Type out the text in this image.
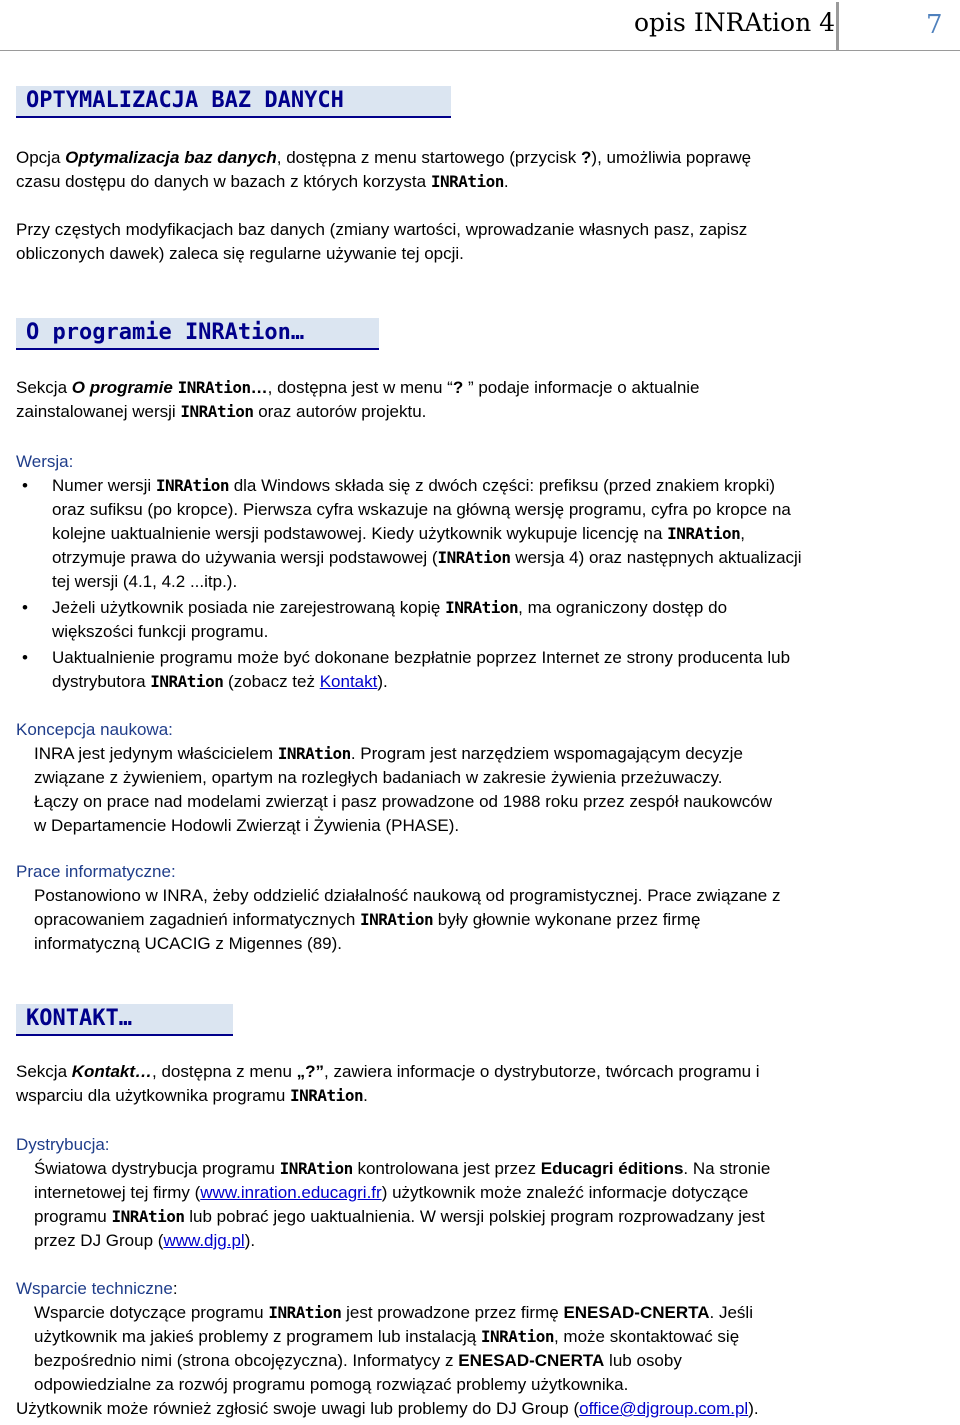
opis INRAtion 4	7
OPTYMALIZACJA BAZ DANYCH
Opcja Optymalizacja baz danych, dostępna z menu startowego (przycisk ?), umożliwia poprawę
czasu dostępu do danych w bazach z których korzysta INRAtion.
Przy częstych modyfikacjach baz danych (zmiany wartości, wprowadzanie własnych pasz, zapisz
obliczonych dawek) zaleca się regularne używanie tej opcji.
O programie INRAtion…
Sekcja O programie INRAtion…, dostępna jest w menu “? ” podaje informacje o aktualnie
zainstalowanej wersji INRAtion oraz autorów projektu.
Wersja:
• Numer wersji INRAtion dla Windows składa się z dwóch części: prefiksu (przed znakiem kropki)
oraz sufiksu (po kropce). Pierwsza cyfra wskazuje na główną wersję programu, cyfra po kropce na
kolejne uaktualnienie wersji podstawowej. Kiedy użytkownik wykupuje licencję na INRAtion,
otrzymuje prawa do używania wersji podstawowej (INRAtion wersja 4) oraz następnych aktualizacji
tej wersji (4.1, 4.2 ...itp.).
• Jeżeli użytkownik posiada nie zarejestrowaną kopię INRAtion, ma ograniczony dostęp do
większości funkcji programu.
• Uaktualnienie programu może być dokonane bezpłatnie poprzez Internet ze strony producenta lub
dystrybutora INRAtion (zobacz też Kontakt).
Koncepcja naukowa:
INRA jest jedynym właścicielem INRAtion. Program jest narzędziem wspomagającym decyzje
związane z żywieniem, opartym na rozległych badaniach w zakresie żywienia przeżuwaczy.
Łączy on prace nad modelami zwierząt i pasz prowadzone od 1988 roku przez zespół naukowców
w Departamencie Hodowli Zwierząt i Żywienia (PHASE).
Prace informatyczne:
Postanowiono w INRA, żeby oddzielić działalność naukową od programistycznej. Prace związane z
opracowaniem zagadnień informatycznych INRAtion były głownie wykonane przez firmę
informatyczną UCACIG z Migennes (89).
KONTAKT…
Sekcja Kontakt…, dostępna z menu „?”, zawiera informacje o dystrybutorze, twórcach programu i
wsparciu dla użytkownika programu INRAtion.
Dystrybucja:
Światowa dystrybucja programu INRAtion kontrolowana jest przez Educagri éditions. Na stronie
internetowej tej firmy (www.inration.educagri.fr) użytkownik może znaleźć informacje dotyczące
programu INRAtion lub pobrać jego uaktualnienia. W wersji polskiej program rozprowadzany jest
przez DJ Group (www.djg.pl).
Wsparcie techniczne:
Wsparcie dotyczące programu INRAtion jest prowadzone przez firmę ENESAD-CNERTA. Jeśli
użytkownik ma jakieś problemy z programem lub instalacją INRAtion, może skontaktować się
bezpośrednio nimi (strona obcojęzyczna). Informatycy z ENESAD-CNERTA lub osoby
odpowiedzialne za rozwój programu pomogą rozwiązać problemy użytkownika.
Użytkownik może również zgłosić swoje uwagi lub problemy do DJ Group (office@djgroup.com.pl).
